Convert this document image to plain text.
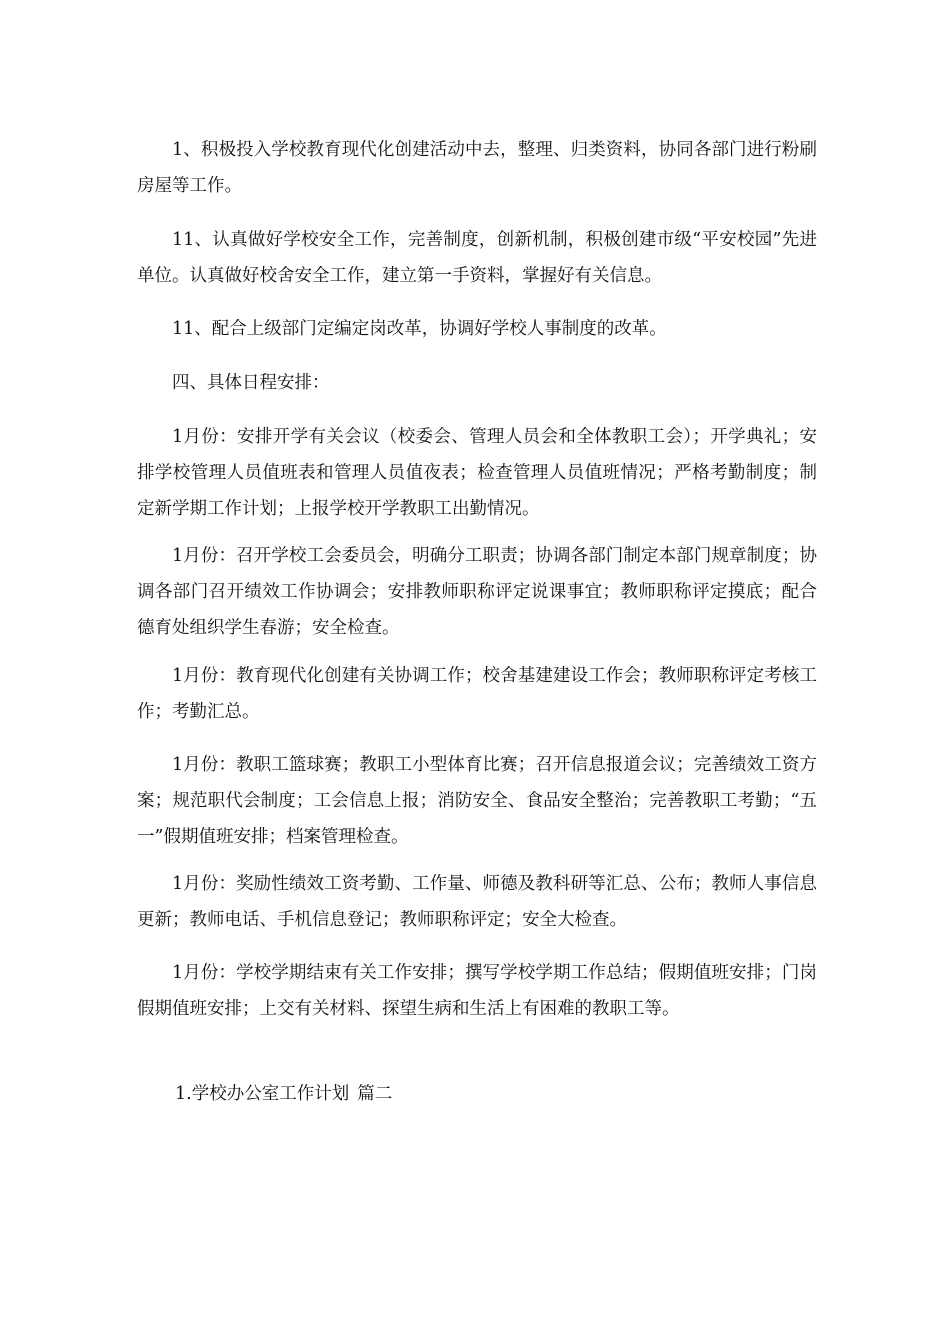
1、积极投入学校教育现代化创建活动中去，整理、归类资料，协同各部门进行粉刷房屋等工作。

11、认真做好学校安全工作，完善制度，创新机制，积极创建市级“平安校园”先进单位。认真做好校舍安全工作，建立第一手资料，掌握好有关信息。

11、配合上级部门定编定岗改革，协调好学校人事制度的改革。

四、具体日程安排：

1月份：安排开学有关会议（校委会、管理人员会和全体教职工会）；开学典礼；安排学校管理人员值班表和管理人员值夜表；检查管理人员值班情况；严格考勤制度；制定新学期工作计划；上报学校开学教职工出勤情况。

1月份：召开学校工会委员会，明确分工职责；协调各部门制定本部门规章制度；协调各部门召开绩效工作协调会；安排教师职称评定说课事宜；教师职称评定摸底；配合德育处组织学生春游；安全检查。

1月份：教育现代化创建有关协调工作；校舍基建建设工作会；教师职称评定考核工作；考勤汇总。

1月份：教职工篮球赛；教职工小型体育比赛；召开信息报道会议；完善绩效工资方案；规范职代会制度；工会信息上报；消防安全、食品安全整治；完善教职工考勤；“五一”假期值班安排；档案管理检查。

1月份：奖励性绩效工资考勤、工作量、师德及教科研等汇总、公布；教师人事信息更新；教师电话、手机信息登记；教师职称评定；安全大检查。

1月份：学校学期结束有关工作安排；撰写学校学期工作总结；假期值班安排；门岗假期值班安排；上交有关材料、探望生病和生活上有困难的教职工等。

1.学校办公室工作计划 篇二
